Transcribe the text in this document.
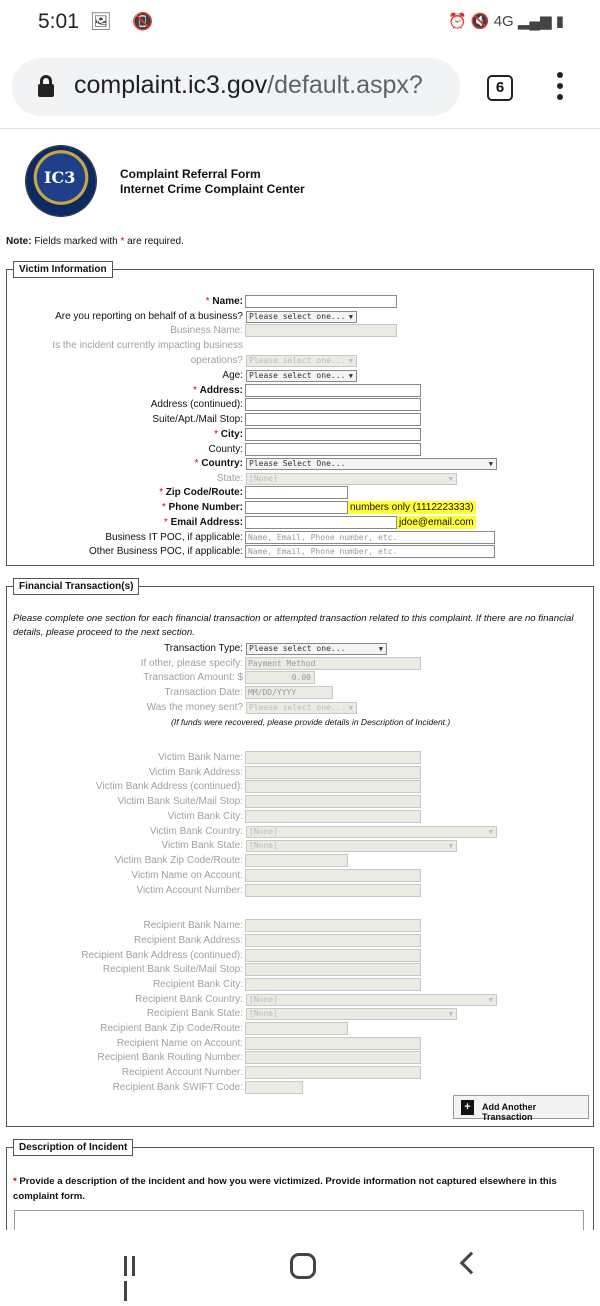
5:01 🖼 📵	⏰ 🔇 4G ▂▄▆ ▮
complaint.ic3.gov/default.aspx?	6
IC3	Complaint Referral Form
Internet Crime Complaint Center
Note: Fields marked with * are required.
Victim Information
* Name:
Are you reporting on behalf of a business? Please select one... ▼
Business Name:
Is the incident currently impacting business
operations? Please select one... ▼
Age: Please select one... ▼
* Address:
Address (continued):
Suite/Apt./Mail Stop:
* City:
County:
* Country: Please Select One...	▼
State: [None]	▼
* Zip Code/Route:
* Phone Number:	numbers only (1112223333)
* Email Address:	jdoe@email.com
Business IT POC, if applicable: Name, Email, Phone number, etc.
Other Business POC, if applicable: Name, Email, Phone number, etc.
Financial Transaction(s)
Please complete one section for each financial transaction or attempted transaction related to this complaint. If there are no financial details, please proceed to the next section.
Transaction Type: Please select one...	▼
If other, please specify: Payment Method
Transaction Amount: $	0.00
Transaction Date: MM/DD/YYYY
Was the money sent? Please select one... ▼
(If funds were recovered, please provide details in Description of Incident.)
Victim Bank Name:
Victim Bank Address:
Victim Bank Address (continued):
Victim Bank Suite/Mail Stop:
Victim Bank City:
Victim Bank Country: [None]	▼
Victim Bank State: [None]	▼
Victim Bank Zip Code/Route:
Victim Name on Account:
Victim Account Number:
Recipient Bank Name:
Recipient Bank Address:
Recipient Bank Address (continued):
Recipient Bank Suite/Mail Stop:
Recipient Bank City:
Recipient Bank Country: [None]	▼
Recipient Bank State: [None]	▼
Recipient Bank Zip Code/Route:
Recipient Name on Account:
Recipient Bank Routing Number:
Recipient Account Number:
Recipient Bank SWIFT Code:
+	Add Another Transaction
Description of Incident
* Provide a description of the incident and how you were victimized. Provide information not captured elsewhere in this complaint form.
